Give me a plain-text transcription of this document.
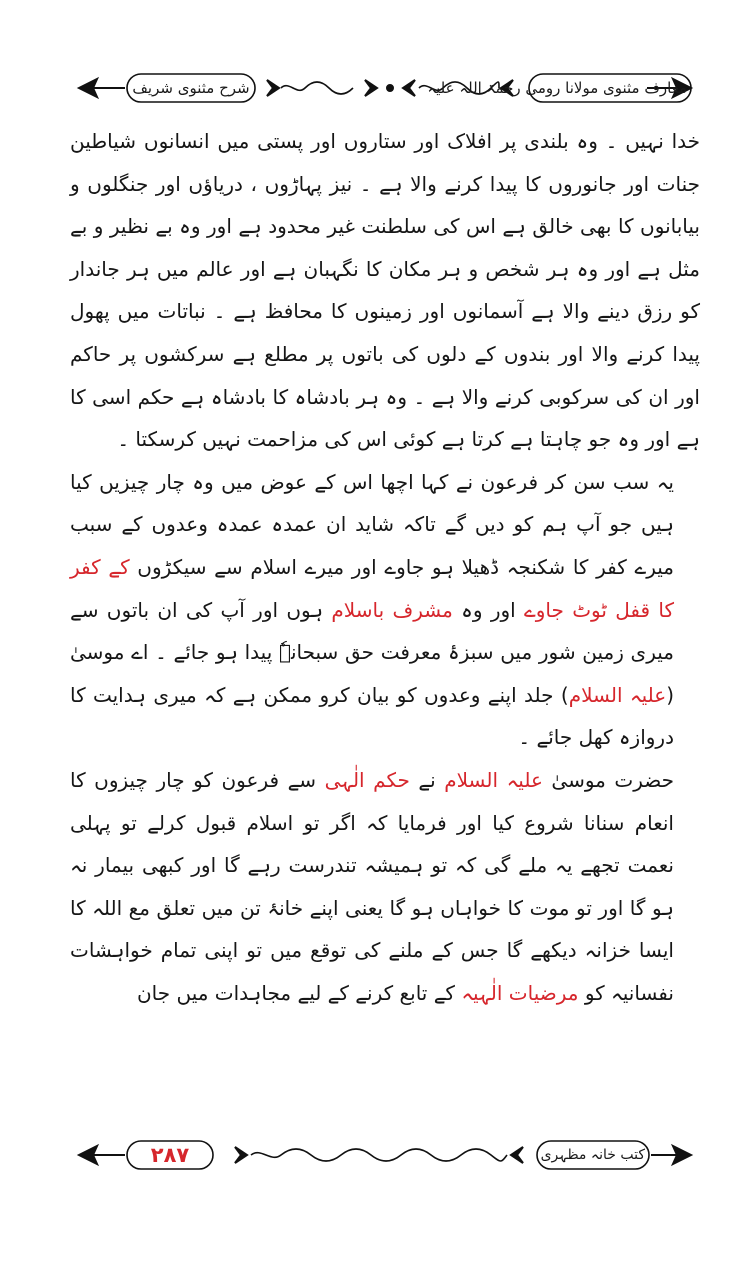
معارف مثنوی مولانا رومی رحمۃ اللہ علیہ
شرح مثنوی شریف

خدا نہیں ۔ وہ بلندی پر افلاک اور ستاروں اور پستی میں انسانوں شیاطین جنات اور جانوروں کا پیدا کرنے والا ہے ۔ نیز پہاڑوں ، دریاؤں اور جنگلوں و بیابانوں کا بھی خالق ہے اس کی سلطنت غیر محدود ہے اور وہ بے نظیر و بے مثل ہے اور وہ ہر شخص و ہر مکان کا نگہبان ہے اور عالم میں ہر جاندار کو رزق دینے والا ہے آسمانوں اور زمینوں کا محافظ ہے ۔ نباتات میں پھول پیدا کرنے والا اور بندوں کے دلوں کی باتوں پر مطلع ہے سرکشوں پر حاکم اور ان کی سرکوبی کرنے والا ہے ۔ وہ ہر بادشاہ کا بادشاہ ہے حکم اسی کا ہے اور وہ جو چاہتا ہے کرتا ہے کوئی اس کی مزاحمت نہیں کرسکتا ۔

یہ سب سن کر فرعون نے کہا اچھا اس کے عوض میں وہ چار چیزیں کیا ہیں جو آپ ہم کو دیں گے تاکہ شاید ان عمدہ عمدہ وعدوں کے سبب میرے کفر کا شکنجہ ڈھیلا ہو جاوے اور میرے اسلام سے سیکڑوں کے کفر کا قفل ٹوٹ جاوے اور وہ مشرف باسلام ہوں اور آپ کی ان باتوں سے میری زمین شور میں سبزۂ معرفت حق سبحانہٗ پیدا ہو جائے ۔ اے موسیٰ (علیہ السلام) جلد اپنے وعدوں کو بیان کرو ممکن ہے کہ میری ہدایت کا دروازہ کھل جائے ۔

حضرت موسیٰ علیہ السلام نے حکم الٰہی سے فرعون کو چار چیزوں کا انعام سنانا شروع کیا اور فرمایا کہ اگر تو اسلام قبول کرلے تو پہلی نعمت تجھے یہ ملے گی کہ تو ہمیشہ تندرست رہے گا اور کبھی بیمار نہ ہو گا اور تو موت کا خواہاں ہو گا یعنی اپنے خانۂ تن میں تعلق مع اللہ کا ایسا خزانہ دیکھے گا جس کے ملنے کی توقع میں تو اپنی تمام خواہشات نفسانیہ کو مرضیات الٰہیہ کے تابع کرنے کے لیے مجاہدات میں جان

کتب خانہ مظہری
۲۸۷
